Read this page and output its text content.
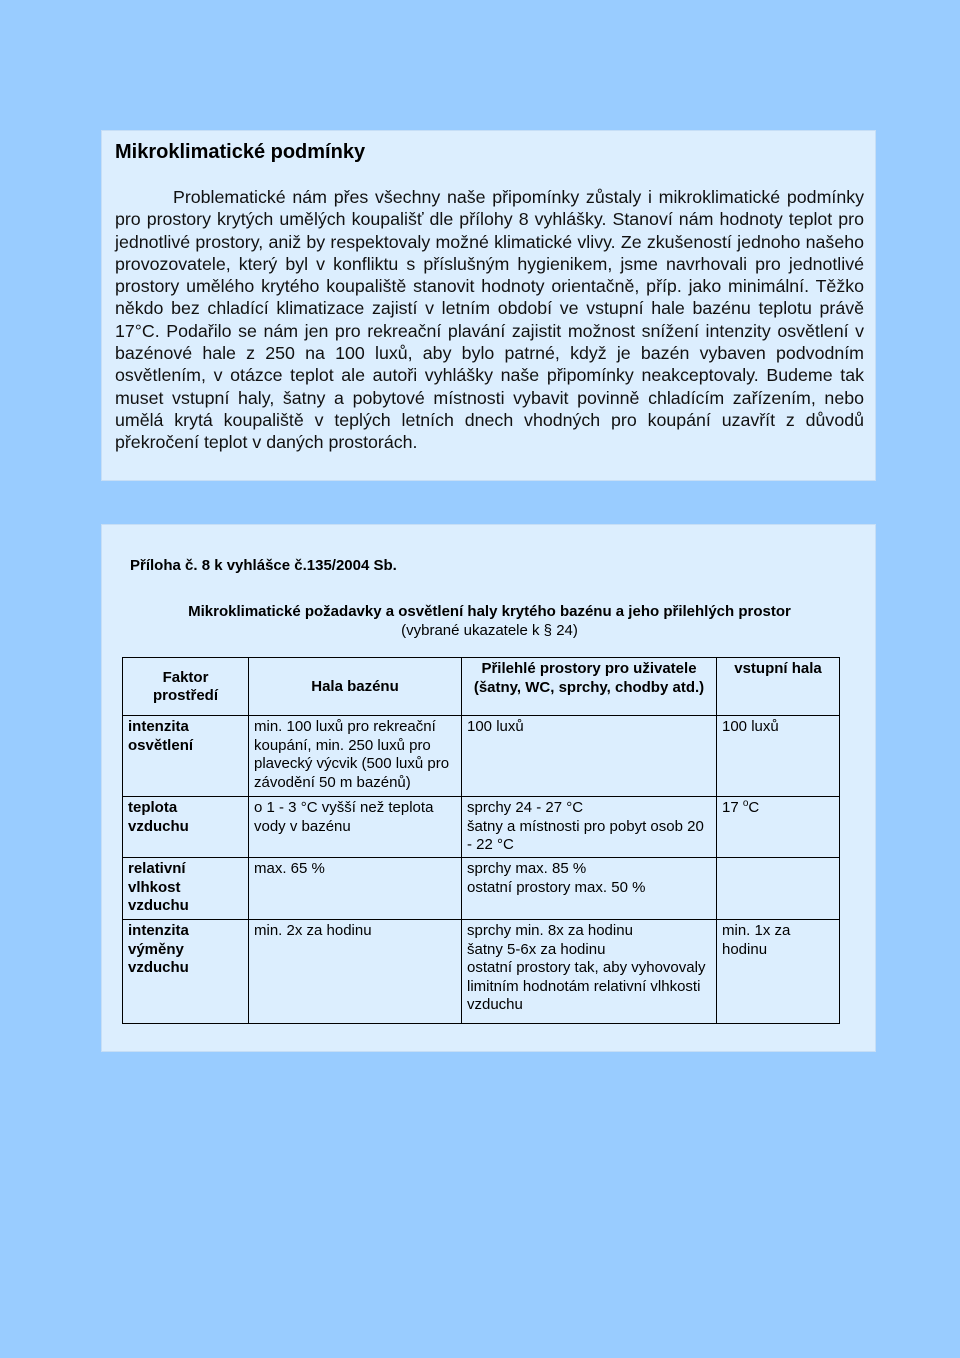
Mikroklimatické podmínky

Problematické nám přes všechny naše připomínky zůstaly i mikroklimatické podmínky pro prostory krytých umělých koupališť dle přílohy 8 vyhlášky. Stanoví nám hodnoty teplot pro jednotlivé prostory, aniž by respektovaly možné klimatické vlivy. Ze zkušeností jednoho našeho provozovatele, který byl v konfliktu s příslušným hygienikem, jsme navrhovali pro jednotlivé prostory umělého krytého koupaliště stanovit hodnoty orientačně, příp. jako minimální. Těžko někdo bez chladící klimatizace zajistí v letním období ve vstupní hale bazénu teplotu právě 17°C. Podařilo se nám jen pro rekreační plavání zajistit možnost snížení intenzity osvětlení v bazénové hale z 250 na 100 luxů, aby bylo patrné, když je bazén vybaven podvodním osvětlením, v otázce teplot ale autoři vyhlášky naše připomínky neakceptovaly. Budeme tak muset vstupní haly, šatny a pobytové místnosti vybavit povinně chladícím zařízením, nebo umělá krytá koupaliště v teplých letních dnech vhodných pro koupání uzavřít z důvodů překročení teplot v daných prostorách.

Příloha č. 8 k vyhlášce č.135/2004 Sb.
Mikroklimatické požadavky a osvětlení haly krytého bazénu a jeho přilehlých prostor
(vybrané ukazatele k § 24)
Faktor
prostředí	Hala bazénu	Přilehlé prostory pro uživatele (šatny, WC, sprchy, chodby atd.)	vstupní hala

intenzita
osvětlení	min. 100 luxů pro rekreační koupání, min. 250 luxů pro plavecký výcvik (500 luxů pro závodění 50 m bazénů)	100 luxů	100 luxů

teplota
vzduchu	o 1 - 3 °C vyšší než teplota vody v bazénu	sprchy 24 - 27 °C
šatny a místnosti pro pobyt osob 20 - 22 °C	17 $^o$C

relativní
vlhkost
vzduchu	max. 65 %	sprchy max. 85 %
ostatní prostory max. 50 %	

intenzita
výměny
vzduchu	min. 2x za hodinu	sprchy min. 8x za hodinu
šatny 5-6x za hodinu
ostatní prostory tak, aby vyhovovaly limitním hodnotám relativní vlhkosti vzduchu	min. 1x za hodinu
